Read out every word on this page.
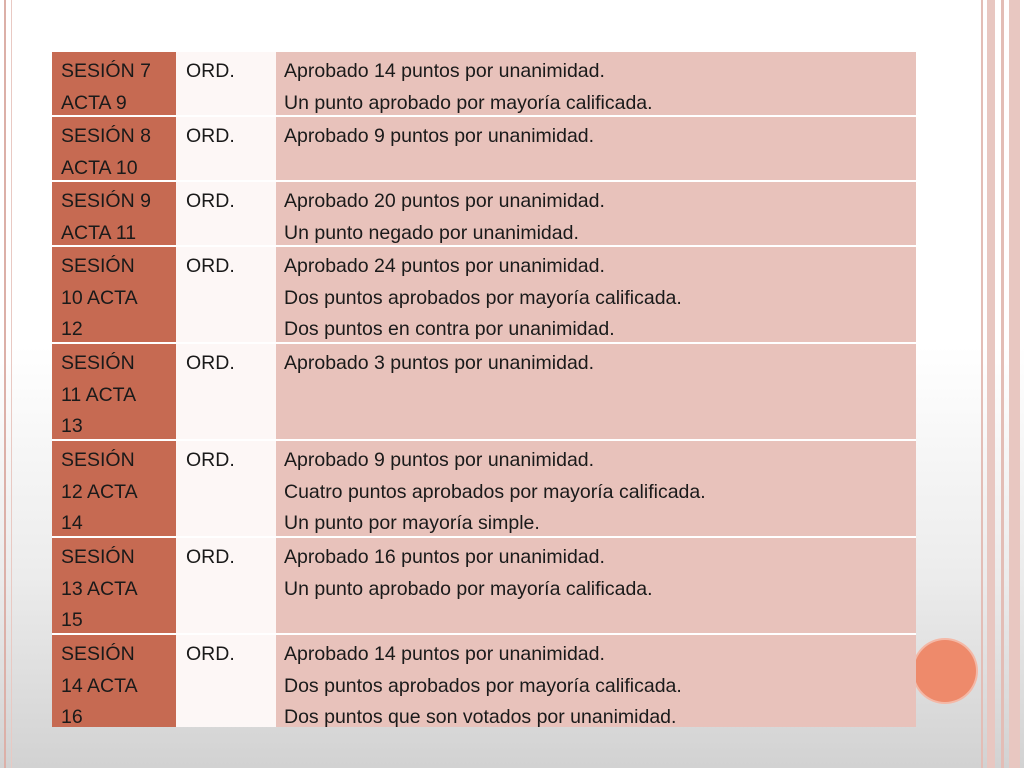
SESIÓN 7
ACTA 9
ORD.	Aprobado 14 puntos por unanimidad.
Un punto aprobado por mayoría calificada.
SESIÓN 8
ACTA 10
ORD.	Aprobado 9 puntos por unanimidad.
SESIÓN 9
ACTA 11
ORD.	Aprobado 20 puntos por unanimidad.
Un punto negado por unanimidad.
SESIÓN
10 ACTA
12
ORD.	Aprobado 24 puntos por unanimidad.
Dos puntos aprobados por mayoría calificada.
Dos puntos en contra por unanimidad.
SESIÓN
11 ACTA
13
ORD.	Aprobado 3 puntos por unanimidad.
SESIÓN
12 ACTA
14
ORD.	Aprobado 9 puntos por unanimidad.
Cuatro puntos aprobados por mayoría calificada.
Un punto por mayoría simple.
SESIÓN
13 ACTA
15
ORD.	Aprobado 16 puntos por unanimidad.
Un punto aprobado por mayoría calificada.
SESIÓN
14 ACTA
16
ORD.	Aprobado 14 puntos por unanimidad.
Dos puntos aprobados por mayoría calificada.
Dos puntos que son votados por unanimidad.
